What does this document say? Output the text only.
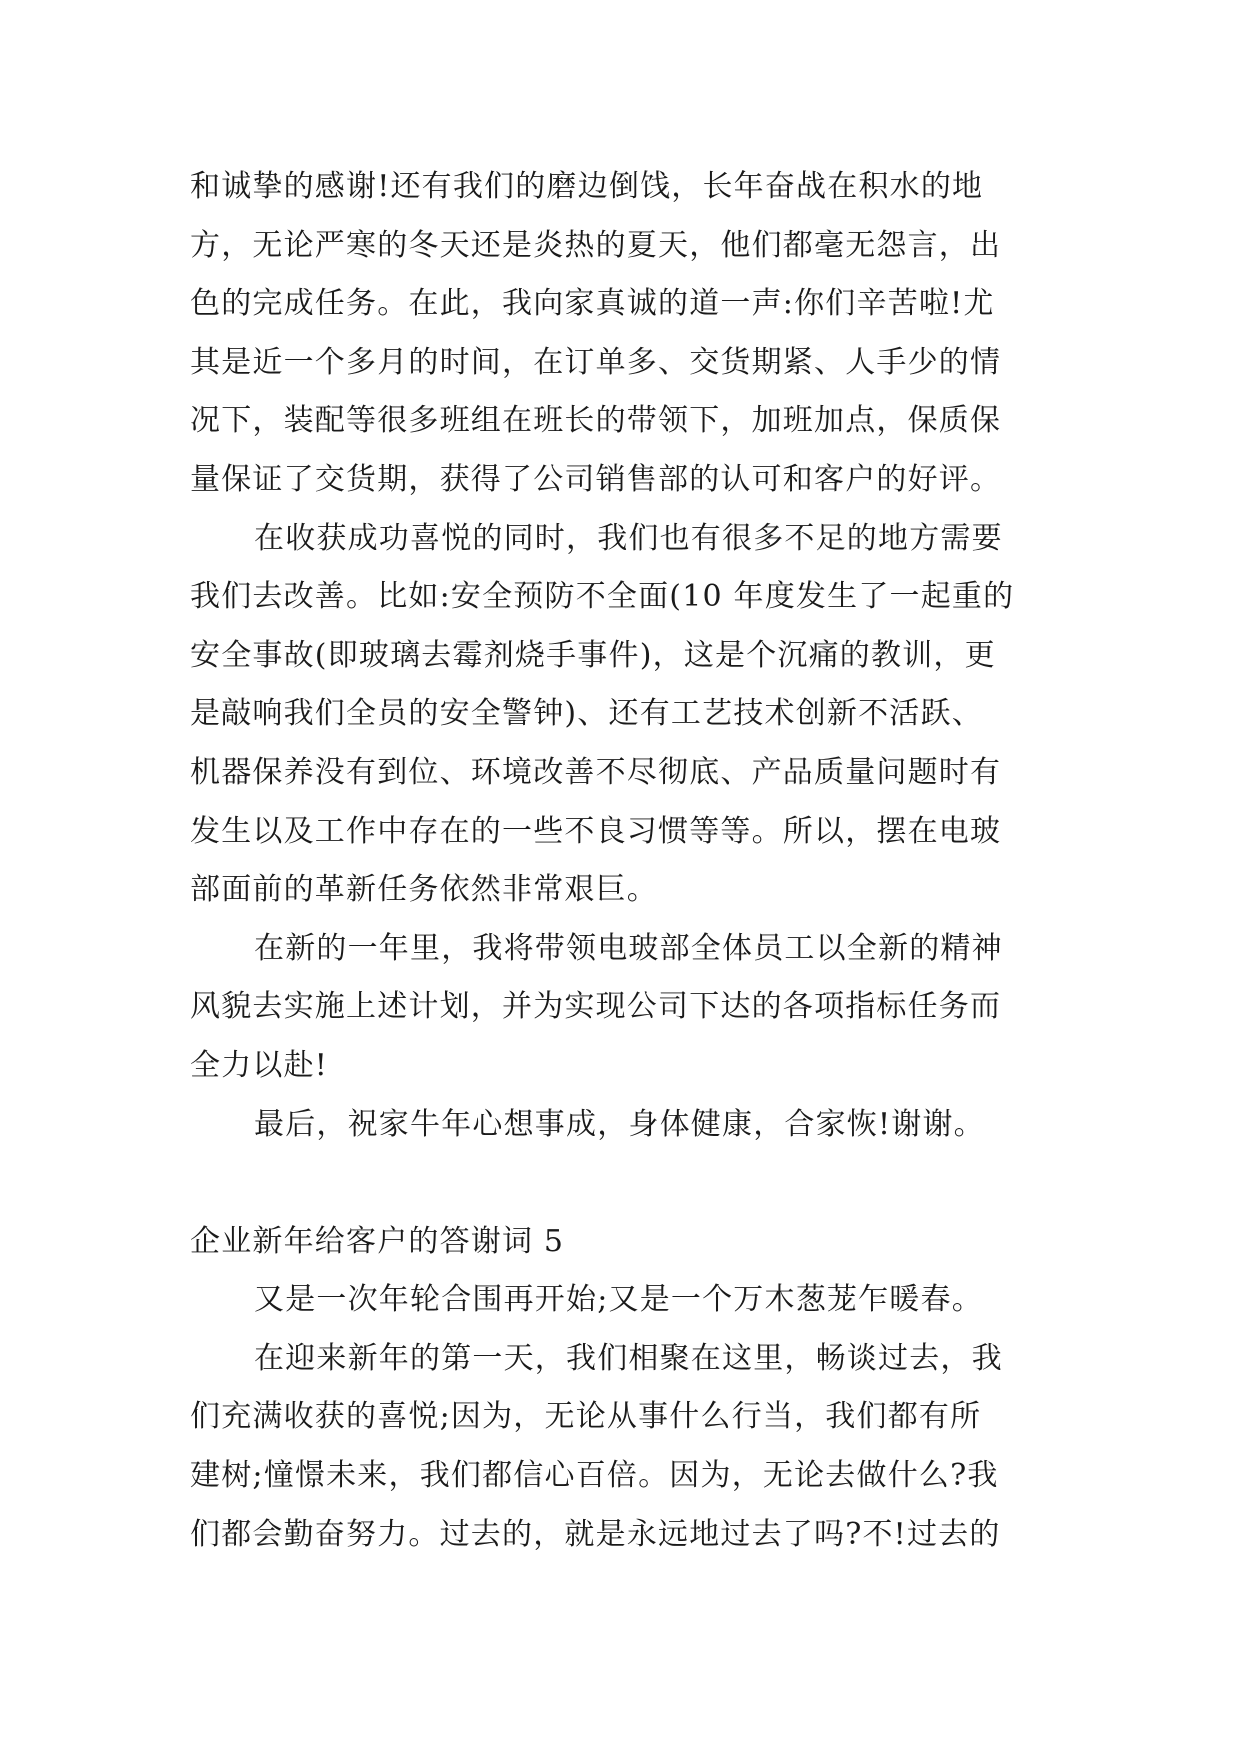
和诚挚的感谢!还有我们的磨边倒饯，长年奋战在积水的地

方，无论严寒的冬天还是炎热的夏天，他们都毫无怨言，出

色的完成任务。在此，我向家真诚的道一声:你们辛苦啦!尤

其是近一个多月的时间，在订单多、交货期紧、人手少的情

况下，装配等很多班组在班长的带领下，加班加点，保质保

量保证了交货期，获得了公司销售部的认可和客户的好评。

在收获成功喜悦的同时，我们也有很多不足的地方需要

我们去改善。比如:安全预防不全面(10 年度发生了一起重的

安全事故(即玻璃去霉剂烧手事件)，这是个沉痛的教训，更

是敲响我们全员的安全警钟)、还有工艺技术创新不活跃、

机器保养没有到位、环境改善不尽彻底、产品质量问题时有

发生以及工作中存在的一些不良习惯等等。所以，摆在电玻

部面前的革新任务依然非常艰巨。

在新的一年里，我将带领电玻部全体员工以全新的精神

风貌去实施上述计划，并为实现公司下达的各项指标任务而

全力以赴!

最后，祝家牛年心想事成，身体健康，合家恢!谢谢。

企业新年给客户的答谢词 5

又是一次年轮合围再开始;又是一个万木葱茏乍暖春。

在迎来新年的第一天，我们相聚在这里，畅谈过去，我

们充满收获的喜悦;因为，无论从事什么行当，我们都有所

建树;憧憬未来，我们都信心百倍。因为，无论去做什么?我

们都会勤奋努力。过去的，就是永远地过去了吗?不!过去的
